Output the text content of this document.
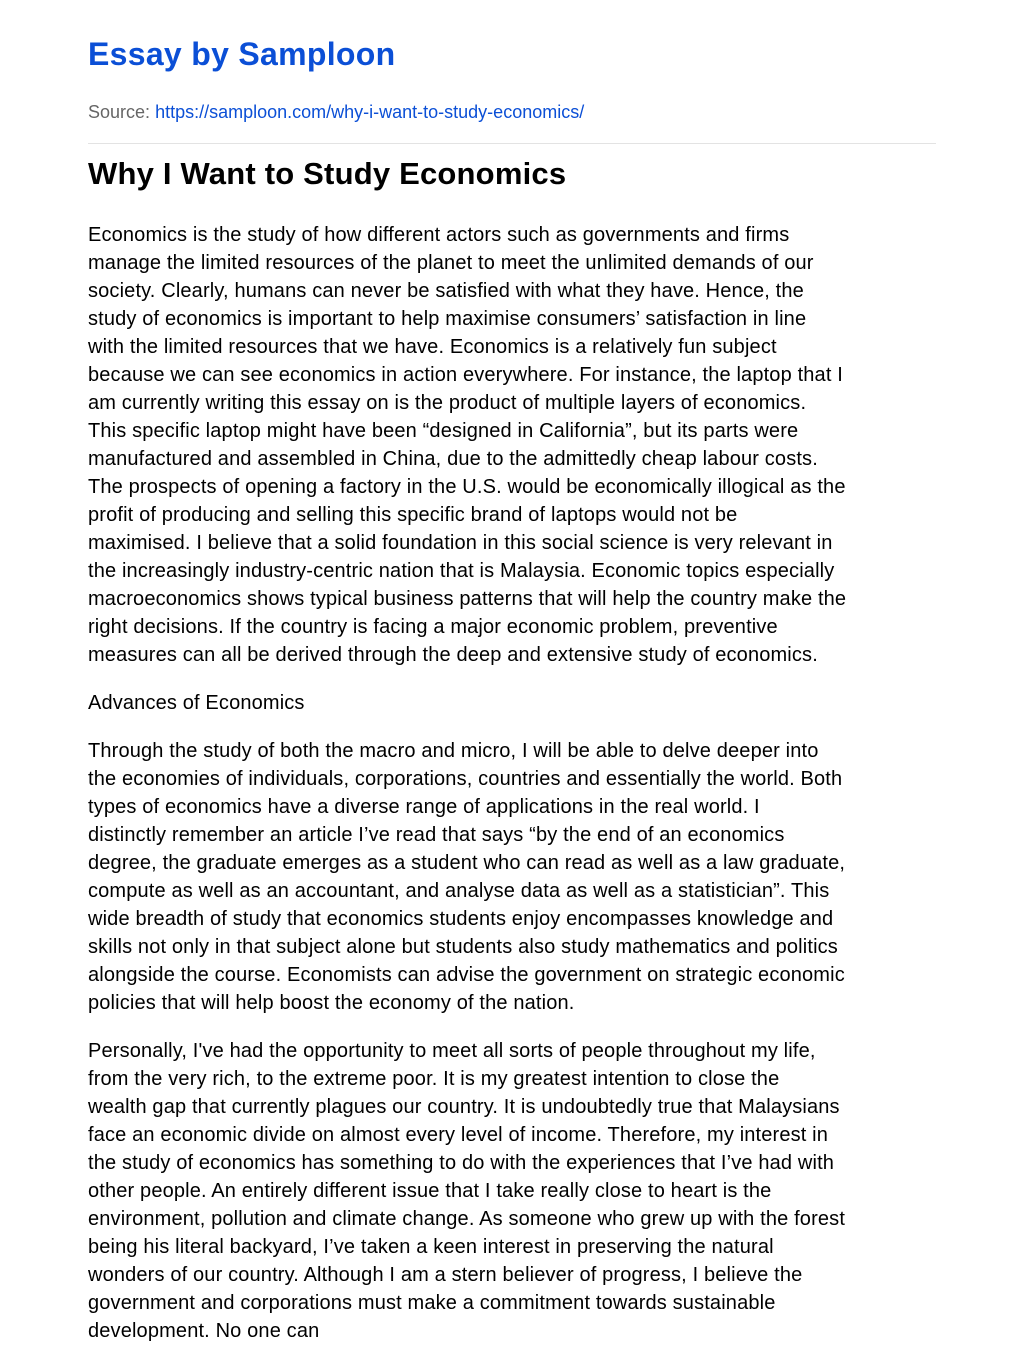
Essay by Samploon
Source: https://samploon.com/why-i-want-to-study-economics/
Why I Want to Study Economics
Economics is the study of how different actors such as governments and firms
manage the limited resources of the planet to meet the unlimited demands of our
society. Clearly, humans can never be satisfied with what they have. Hence, the
study of economics is important to help maximise consumers’ satisfaction in line
with the limited resources that we have. Economics is a relatively fun subject
because we can see economics in action everywhere. For instance, the laptop that I
am currently writing this essay on is the product of multiple layers of economics.
This specific laptop might have been “designed in California”, but its parts were
manufactured and assembled in China, due to the admittedly cheap labour costs.
The prospects of opening a factory in the U.S. would be economically illogical as the
profit of producing and selling this specific brand of laptops would not be
maximised. I believe that a solid foundation in this social science is very relevant in
the increasingly industry-centric nation that is Malaysia. Economic topics especially
macroeconomics shows typical business patterns that will help the country make the
right decisions. If the country is facing a major economic problem, preventive
measures can all be derived through the deep and extensive study of economics.
Advances of Economics
Through the study of both the macro and micro, I will be able to delve deeper into
the economies of individuals, corporations, countries and essentially the world. Both
types of economics have a diverse range of applications in the real world. I
distinctly remember an article I’ve read that says “by the end of an economics
degree, the graduate emerges as a student who can read as well as a law graduate,
compute as well as an accountant, and analyse data as well as a statistician”. This
wide breadth of study that economics students enjoy encompasses knowledge and
skills not only in that subject alone but students also study mathematics and politics
alongside the course. Economists can advise the government on strategic economic
policies that will help boost the economy of the nation.
Personally, I've had the opportunity to meet all sorts of people throughout my life,
from the very rich, to the extreme poor. It is my greatest intention to close the
wealth gap that currently plagues our country. It is undoubtedly true that Malaysians
face an economic divide on almost every level of income. Therefore, my interest in
the study of economics has something to do with the experiences that I’ve had with
other people. An entirely different issue that I take really close to heart is the
environment, pollution and climate change. As someone who grew up with the forest
being his literal backyard, I’ve taken a keen interest in preserving the natural
wonders of our country. Although I am a stern believer of progress, I believe the
government and corporations must make a commitment towards sustainable
development. No one can
